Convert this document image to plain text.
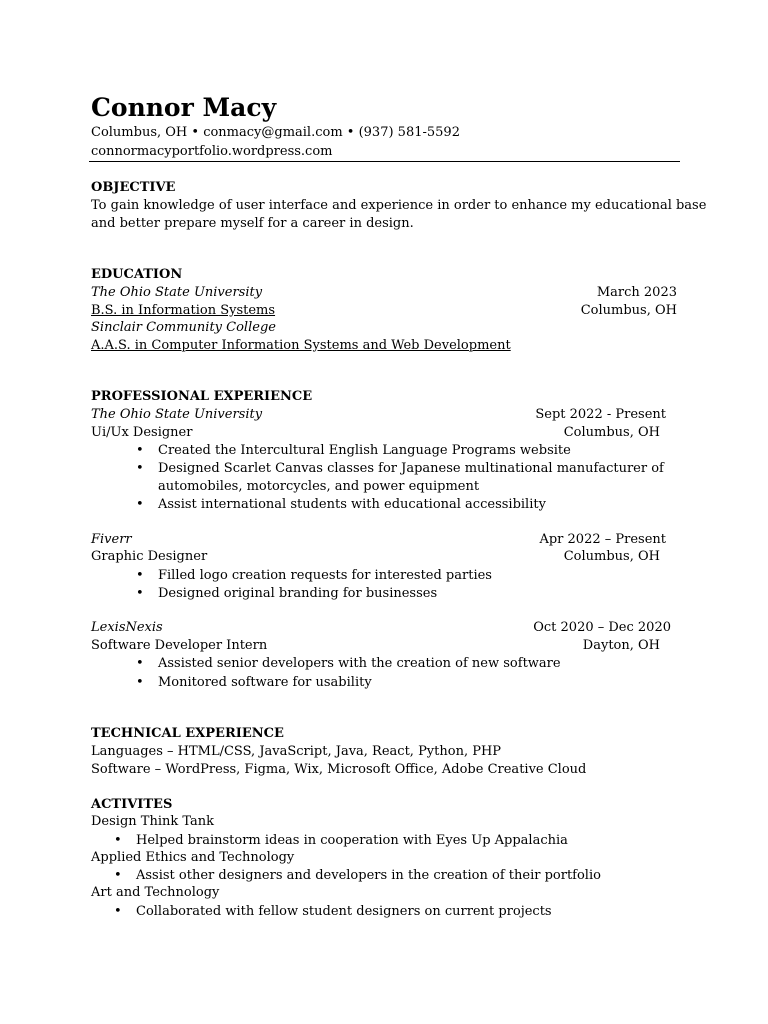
Connor Macy
Columbus, OH • conmacy@gmail.com • (937) 581-5592
connormacyportfolio.wordpress.com
OBJECTIVE
To gain knowledge of user interface and experience in order to enhance my educational base
and better prepare myself for a career in design.
EDUCATION
The Ohio State University	March 2023
B.S. in Information Systems	Columbus, OH
Sinclair Community College
A.A.S. in Computer Information Systems and Web Development
PROFESSIONAL EXPERIENCE
The Ohio State University	Sept 2022 - Present
Ui/Ux Designer	Columbus, OH
• Created the Intercultural English Language Programs website
• Designed Scarlet Canvas classes for Japanese multinational manufacturer of
automobiles, motorcycles, and power equipment
• Assist international students with educational accessibility
Fiverr	Apr 2022 – Present
Graphic Designer	Columbus, OH
• Filled logo creation requests for interested parties
• Designed original branding for businesses
LexisNexis	Oct 2020 – Dec 2020
Software Developer Intern	Dayton, OH
• Assisted senior developers with the creation of new software
• Monitored software for usability
TECHNICAL EXPERIENCE
Languages – HTML/CSS, JavaScript, Java, React, Python, PHP
Software – WordPress, Figma, Wix, Microsoft Office, Adobe Creative Cloud
ACTIVITES
Design Think Tank
• Helped brainstorm ideas in cooperation with Eyes Up Appalachia
Applied Ethics and Technology
• Assist other designers and developers in the creation of their portfolio
Art and Technology
• Collaborated with fellow student designers on current projects
